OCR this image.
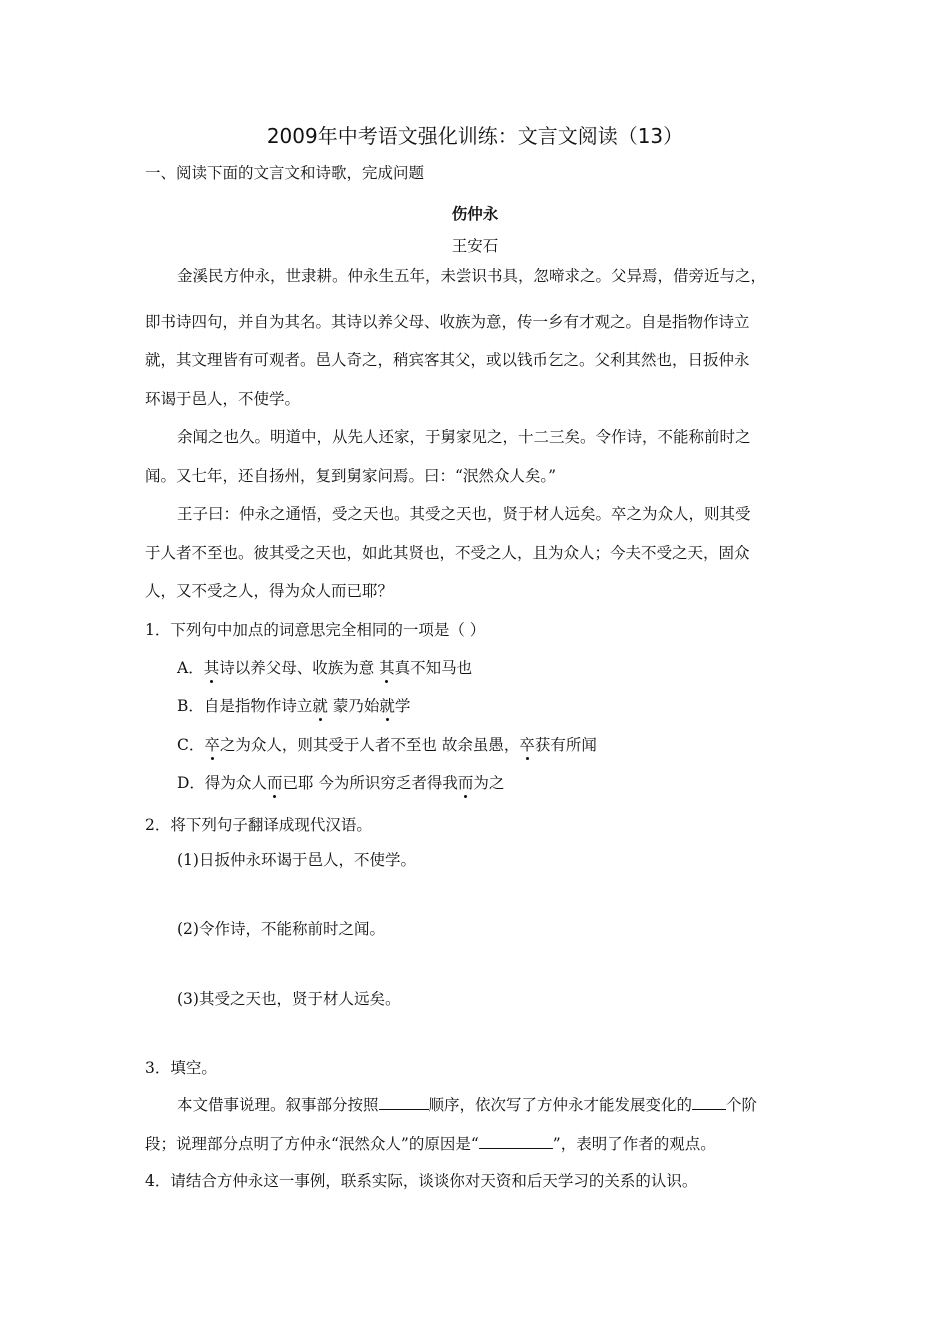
2009年中考语文强化训练：文言文阅读（13）
一、阅读下面的文言文和诗歌，完成问题
伤仲永
王安石
金溪民方仲永，世隶耕。仲永生五年，未尝识书具，忽啼求之。父异焉，借旁近与之，
即书诗四句，并自为其名。其诗以养父母、收族为意，传一乡有才观之。自是指物作诗立
就，其文理皆有可观者。邑人奇之，稍宾客其父，或以钱币乞之。父利其然也，日扳仲永
环谒于邑人，不使学。
余闻之也久。明道中，从先人还家，于舅家见之，十二三矣。令作诗，不能称前时之
闻。又七年，还自扬州，复到舅家问焉。曰：“泯然众人矣。”
王子曰：仲永之通悟，受之天也。其受之天也，贤于材人远矣。卒之为众人，则其受
于人者不至也。彼其受之天也，如此其贤也，不受之人，且为众人；今夫不受之天，固众
人，又不受之人，得为众人而已耶？
1．下列句中加点的词意思完全相同的一项是（ ）
A．其诗以养父母、收族为意 其真不知马也
B．自是指物作诗立就 蒙乃始就学
C．卒之为众人，则其受于人者不至也 故余虽愚，卒获有所闻
D．得为众人而已耶 今为所识穷乏者得我而为之
2．将下列句子翻译成现代汉语。
(1)日扳仲永环谒于邑人，不使学。
(2)令作诗，不能称前时之闻。
(3)其受之天也，贤于材人远矣。
3．填空。
本文借事说理。叙事部分按照	顺序，依次写了方仲永才能发展变化的 个阶
段；说理部分点明了方仲永“泯然众人”的原因是“	”，表明了作者的观点。
4．请结合方仲永这一事例，联系实际，谈谈你对天资和后天学习的关系的认识。
